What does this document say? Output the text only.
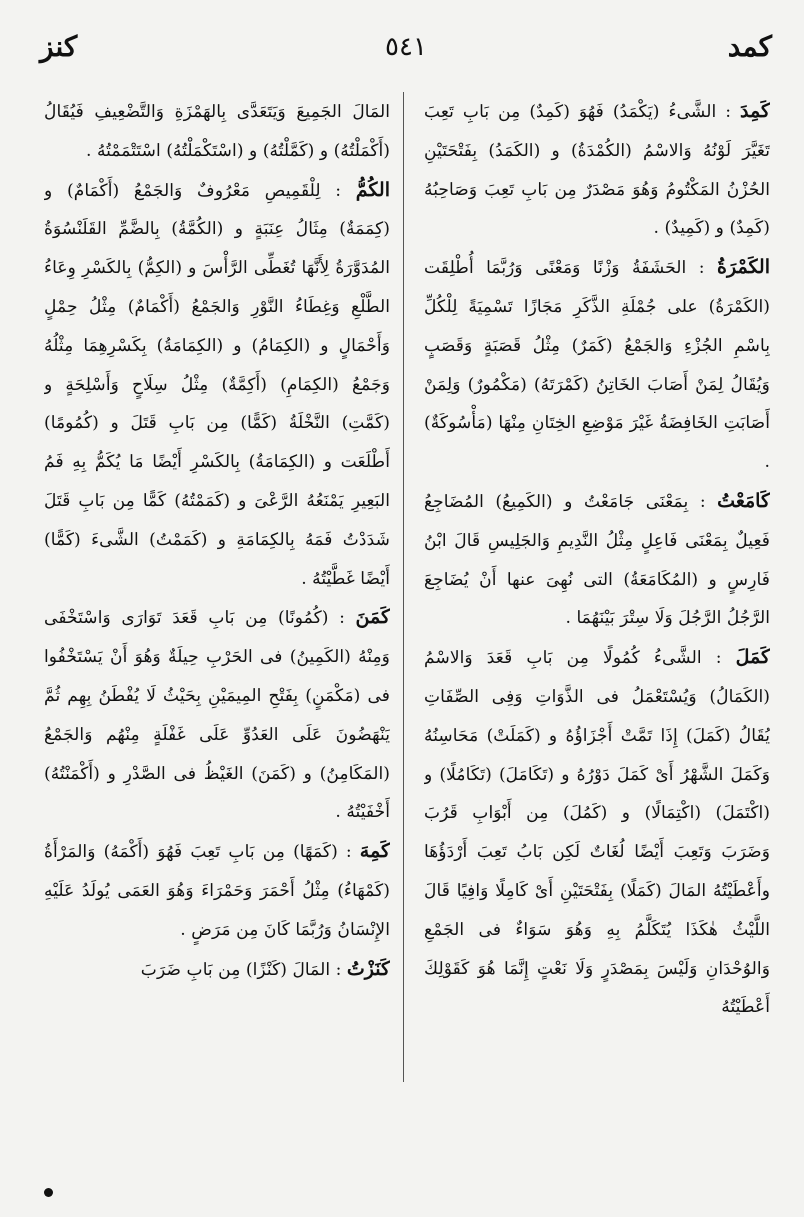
كمد
٥٤١
كنز

كَمِدَ : الشَّىءُ (يَكْمَدُ) فَهُوَ (كَمِدٌ) مِن بَابِ تَعِبَ تَغَيَّرَ لَوْنُهُ وَالاسْمُ (الكُمْدَةُ) و (الكَمَدُ) بِفَتْحَتَيْنِ الحُزْنُ المَكْتُومُ وَهُوَ مَصْدَرٌ مِن بَابِ تَعِبَ وَصَاحِبُهُ (كَمِدٌ) و (كَمِيدٌ) .

الكَمْرَةُ : الحَشَفَةُ وَزْنًا وَمَعْنًى وَرُبَّمَا أُطْلِقَت (الكَمْرَةُ) على جُمْلَةِ الذَّكَرِ مَجَازًا تَسْمِيَةً لِلْكُلِّ بِاسْمِ الجُزْءِ وَالجَمْعُ (كَمَرٌ) مِثْلُ قَصَبَةٍ وَقَصَبٍ وَيُقَالُ لِمَنْ أَصَابَ الخَاتِنُ (كَمْرَتَهُ) (مَكْمُورٌ) وَلِمَنْ أَصَابَتِ الخَافِضَةُ غَيْرَ مَوْضِعِ الخِتَانِ مِنْهَا (مَأْسُوكَةٌ) .

كَامَعْتُ : بِمَعْنَى جَامَعْتُ و (الكَمِيعُ) المُضَاجِعُ فَعِيلٌ بِمَعْنَى فَاعِلٍ مِثْلُ النَّدِيمِ وَالجَلِيسِ قَالَ ابْنُ فَارِسٍ و (المُكَامَعَةُ) التى نُهِىَ عنها أَنْ يُضَاجِعَ الرَّجُلُ الرَّجُلَ وَلَا سِتْرَ بَيْنَهُمَا .

كَمَلَ : الشَّىءُ كُمُولًا مِن بَابِ قَعَدَ وَالاسْمُ (الكَمَالُ) وَيُسْتَعْمَلُ فى الذَّوَاتِ وَفِى الصِّفَاتِ يُقَالُ (كَمَلَ) إِذَا تَمَّتْ أَجْزَاؤُهُ و (كَمَلَتْ) مَحَاسِنُهُ وَكَمَلَ الشَّهْرُ أَىْ كَمَلَ دَوْرُهُ و (تَكَامَلَ) (تَكَامُلًا) و (اكْتَمَلَ) (اكْتِمَالًا) و (كَمُلَ) مِن أَبْوَابِ قَرُبَ وَضَرَبَ وَتَعِبَ أَيْضًا لُغَاتٌ لَكِن بَابُ تَعِبَ أَرْدَؤُهَا وأَعْطَيْتُهُ المَالَ (كَمَلًا) بِفَتْحَتَيْنِ أَىْ كَامِلًا وَافِيًا قَالَ اللَّيْثُ هٰكَذَا يُتَكَلَّمُ بِهِ وَهُوَ سَوَاءٌ فى الجَمْعِ وَالوُحْدَانِ وَلَيْسَ بِمَصْدَرٍ وَلَا نَعْتٍ إِنَّمَا هُوَ كَقَوْلِكَ أَعْطَيْتُهُ

المَالَ الجَمِيعَ وَيَتَعَدَّى بِالهَمْزَةِ وَالتَّضْعِيفِ فَيُقَالُ (أَكْمَلْتُهُ) و (كَمَّلْتُهُ) و (اسْتَكْمَلْتُهُ) اسْتَتْمَمْتُهُ .

الكُمُّ : لِلْقَمِيصِ مَعْرُوفٌ وَالجَمْعُ (أَكْمَامٌ) و (كِمَمَةٌ) مِثَالُ عِنَبَةٍ و (الكُمَّةُ) بِالضَّمِّ القَلَنْسُوَةُ المُدَوَّرَةُ لِأَنَّهَا تُغَطِّى الرَّأْسَ و (الكِمُّ) بِالكَسْرِ وِعَاءُ الطَّلْعِ وَغِطَاءُ النَّوْرِ وَالجَمْعُ (أَكْمَامٌ) مِثْلُ حِمْلٍ وَأَحْمَالٍ و (الكِمَامُ) و (الكِمَامَةُ) بِكَسْرِهِمَا مِثْلُهُ وَجَمْعُ (الكِمَامِ) (أَكِمَّةٌ) مِثْلُ سِلَاحٍ وَأَسْلِحَةٍ و (كَمَّتِ) النَّخْلَةُ (كَمًّا) مِن بَابِ قَتَلَ و (كُمُومًا) أَطْلَعَت و (الكِمَامَةُ) بِالكَسْرِ أَيْضًا مَا يُكَمُّ بِهِ فَمُ البَعِيرِ يَمْنَعُهُ الرَّعْىَ و (كَمَمْتُهُ) كَمًّا مِن بَابِ قَتَلَ شَدَدْتُ فَمَهُ بِالكِمَامَةِ و (كَمَمْتُ) الشَّىءَ (كَمًّا) أَيْضًا غَطَّيْتُهُ .

كَمَنَ : (كُمُونًا) مِن بَابِ قَعَدَ تَوَارَى وَاسْتَخْفَى وَمِنْهُ (الكَمِينُ) فى الحَرْبِ حِيلَةٌ وَهُوَ أَنْ يَسْتَخْفُوا فى (مَكْمَنٍ) بِفَتْحِ المِيمَيْنِ بِحَيْثُ لَا يُفْطَنُ بِهِم ثُمَّ يَنْهَضُونَ عَلَى العَدُوِّ عَلَى غَفْلَةٍ مِنْهُم وَالجَمْعُ (المَكَامِنُ) و (كَمَنَ) الغَيْظُ فى الصَّدْرِ و (أَكْمَنْتُهُ) أَخْفَيْتُهُ .

كَمِهَ : (كَمَهًا) مِن بَابِ تَعِبَ فَهُوَ (أَكْمَهُ) وَالمَرْأَةُ (كَمْهَاءُ) مِثْلُ أَحْمَرَ وَحَمْرَاءَ وَهُوَ العَمَى يُولَدُ عَلَيْهِ الإِنْسَانُ وَرُبَّمَا كَانَ مِن مَرَضٍ .

كَنَزْتُ : المَالَ (كَنْزًا) مِن بَابِ ضَرَبَ
